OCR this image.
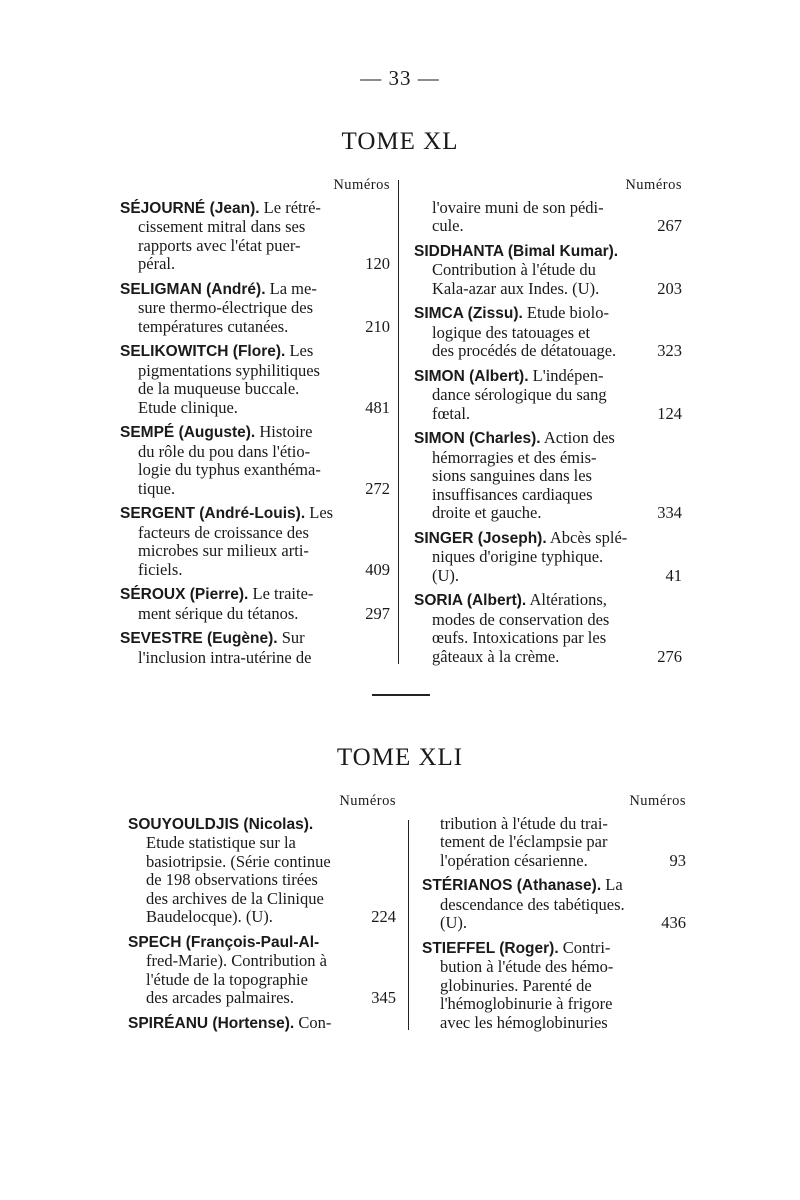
— 33 —
TOME XL
Numéros
SÉJOURNÉ (Jean). Le rétré-
cissement mitral dans ses
rapports avec l'état puer-
péral.	120
SELIGMAN (André). La me-
sure thermo-électrique des
températures cutanées.	210
SELIKOWITCH (Flore). Les
pigmentations syphilitiques
de la muqueuse buccale.
Etude clinique.	481
SEMPÉ (Auguste). Histoire
du rôle du pou dans l'étio-
logie du typhus exanthéma-
tique.	272
SERGENT (André-Louis). Les
facteurs de croissance des
microbes sur milieux arti-
ficiels.	409
SÉROUX (Pierre). Le traite-
ment sérique du tétanos.	297
SEVESTRE (Eugène). Sur
l'inclusion intra-utérine de
Numéros
l'ovaire muni de son pédi-
cule.	267
SIDDHANTA (Bimal Kumar).
Contribution à l'étude du
Kala-azar aux Indes. (U).	203
SIMCA (Zissu). Etude biolo-
logique des tatouages et
des procédés de détatouage. 323
SIMON (Albert). L'indépen-
dance sérologique du sang
fœtal.	124
SIMON (Charles). Action des
hémorragies et des émis-
sions sanguines dans les
insuffisances cardiaques
droite et gauche.	334
SINGER (Joseph). Abcès splé-
niques d'origine typhique.
(U).	41
SORIA (Albert). Altérations,
modes de conservation des
œufs. Intoxications par les
gâteaux à la crème.	276
TOME XLI
Numéros
SOUYOULDJIS (Nicolas).
Etude statistique sur la
basiotripsie. (Série continue
de 198 observations tirées
des archives de la Clinique
Baudelocque). (U).	224
SPECH (François-Paul-Al-
fred-Marie). Contribution à
l'étude de la topographie
des arcades palmaires.	345
SPIRÉANU (Hortense). Con-
Numéros
tribution à l'étude du trai-
tement de l'éclampsie par
l'opération césarienne.	93
STÉRIANOS (Athanase). La
descendance des tabétiques.
(U).	436
STIEFFEL (Roger). Contri-
bution à l'étude des hémo-
globinuries. Parenté de
l'hémoglobinurie à frigore
avec les hémoglobinuries
